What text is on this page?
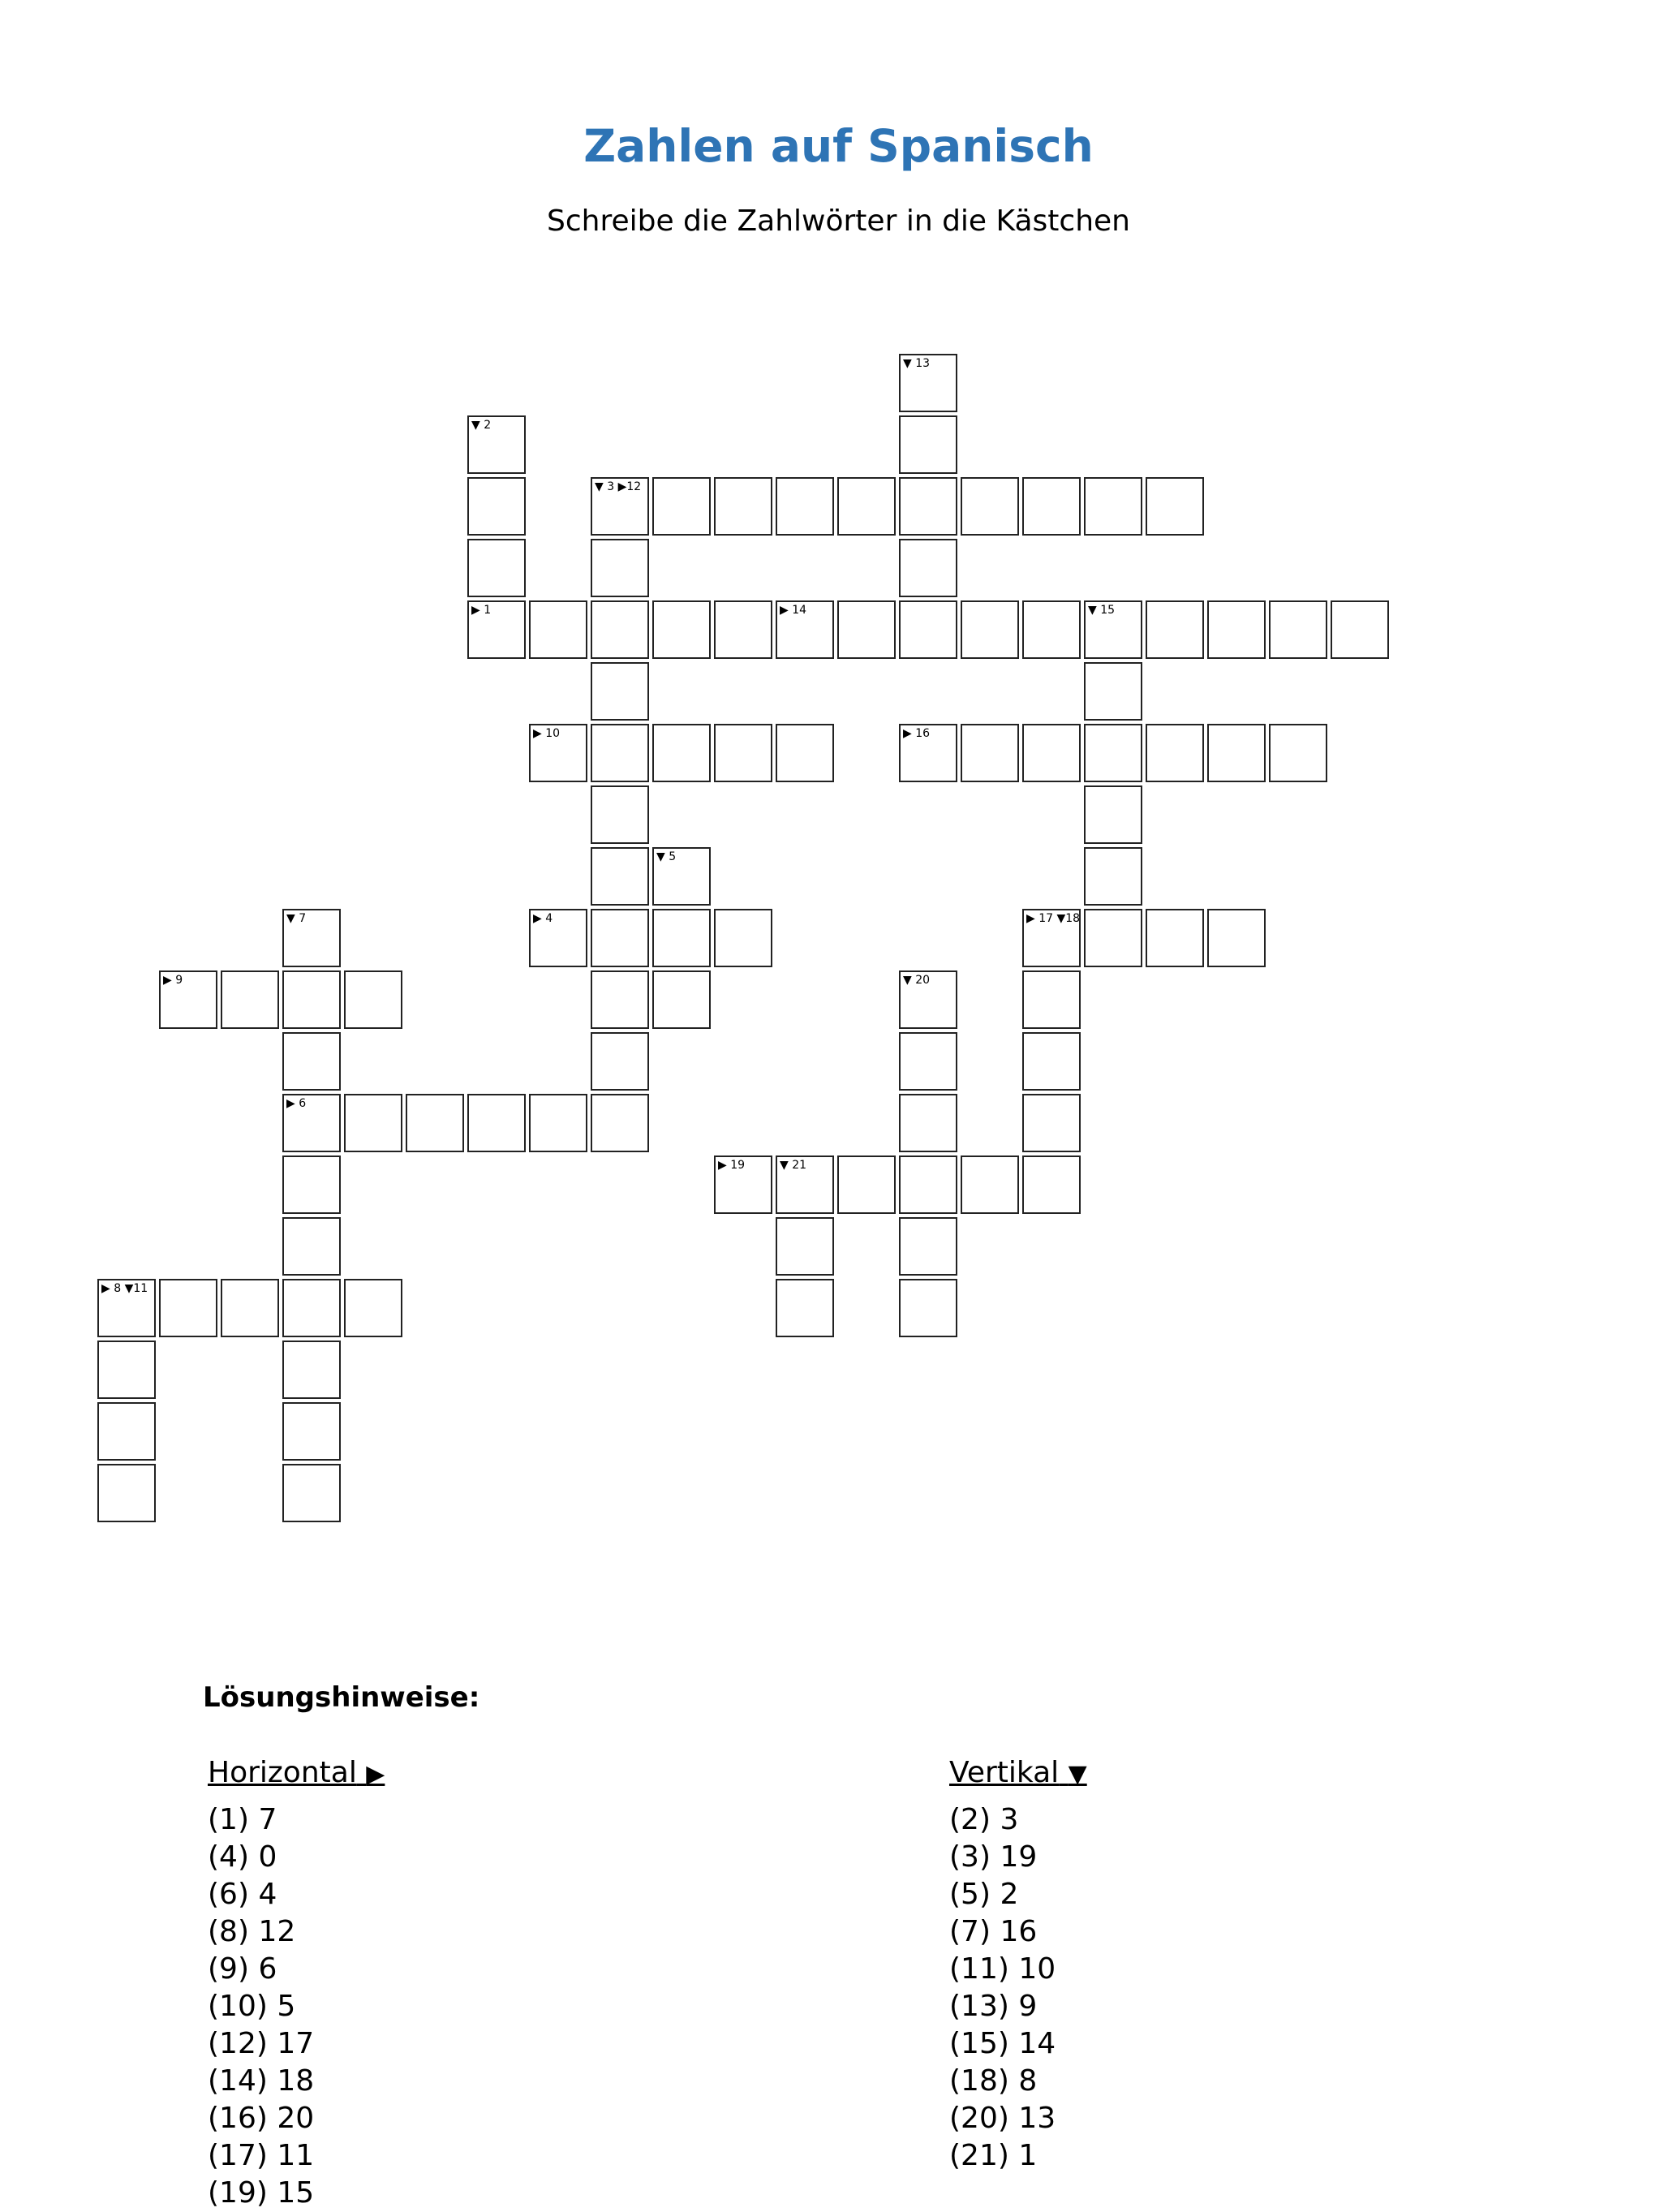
Zahlen auf Spanisch
Schreibe die Zahlwörter in die Kästchen
▶ 1
▼ 2
▼ 3 ▶12
▶ 4
▼ 5
▶ 6
▼ 7
▶ 8 ▼11
▶ 9
▶ 10
▼ 13
▶ 14	▼ 15
▶ 16
▶ 17 ▼18
▶ 19	▼ 21
▼ 20
Lösungshinweise:
Horizontal ▶
(1) 7
(4) 0
(6) 4
(8) 12
(9) 6
(10) 5
(12) 17
(14) 18
(16) 20
(17) 11
(19) 15
Vertikal ▼
(2) 3
(3) 19
(5) 2
(7) 16
(11) 10
(13) 9
(15) 14
(18) 8
(20) 13
(21) 1
